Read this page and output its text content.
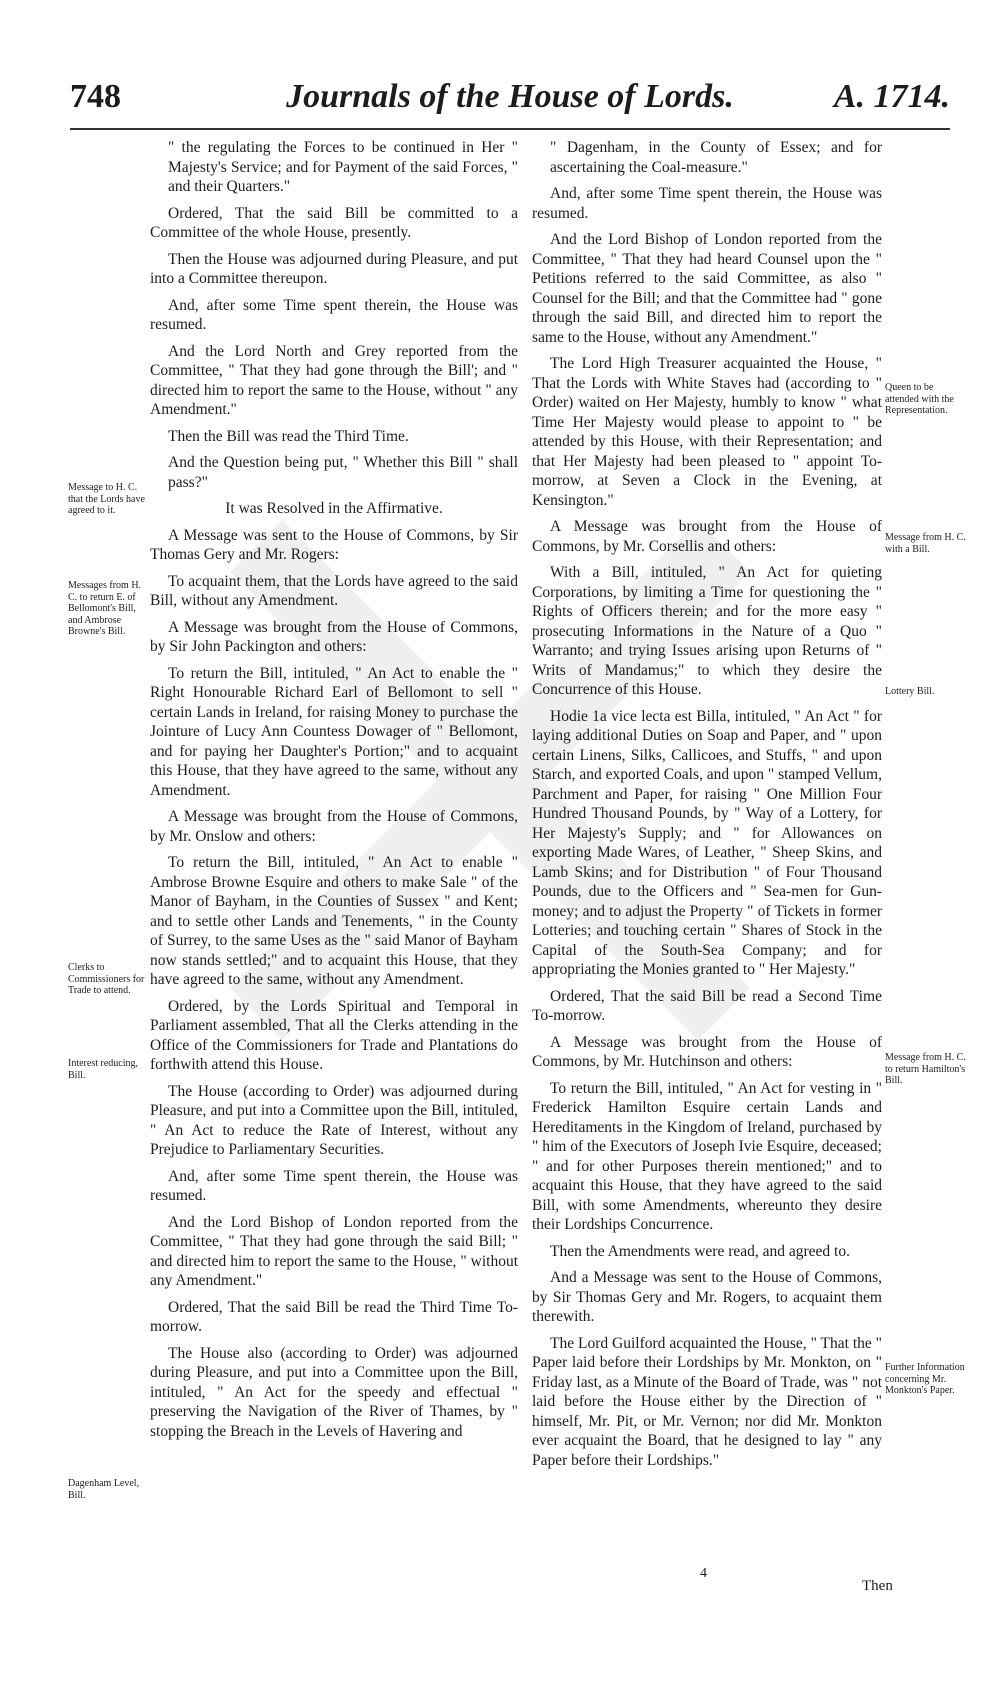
748	Journals of the House of Lords.	A. 1714.
Message to H. C. that the Lords have agreed to it.
Messages from H. C. to return E. of Bellomont's Bill, and Ambrose Browne's Bill.
Clerks to Commissioners for Trade to attend.
Interest reducing, Bill.
Dagenham Level, Bill.
Queen to be attended with the Representation.
Message from H. C. with a Bill.
Lottery Bill.
Message from H. C. to return Hamilton's Bill.
Further Information concerning Mr. Monkton's Paper.

" the regulating the Forces to be continued in Her " Majesty's Service; and for Payment of the said Forces, " and their Quarters."

Ordered, That the said Bill be committed to a Committee of the whole House, presently.

Then the House was adjourned during Pleasure, and put into a Committee thereupon.

And, after some Time spent therein, the House was resumed.

And the Lord North and Grey reported from the Committee, " That they had gone through the Bill'; and " directed him to report the same to the House, without " any Amendment."

Then the Bill was read the Third Time.

And the Question being put, " Whether this Bill " shall pass?"

It was Resolved in the Affirmative.

A Message was sent to the House of Commons, by Sir Thomas Gery and Mr. Rogers:

To acquaint them, that the Lords have agreed to the said Bill, without any Amendment.

A Message was brought from the House of Commons, by Sir John Packington and others:

To return the Bill, intituled, " An Act to enable the " Right Honourable Richard Earl of Bellomont to sell " certain Lands in Ireland, for raising Money to purchase the Jointure of Lucy Ann Countess Dowager of " Bellomont, and for paying her Daughter's Portion;" and to acquaint this House, that they have agreed to the same, without any Amendment.

A Message was brought from the House of Commons, by Mr. Onslow and others:

To return the Bill, intituled, " An Act to enable " Ambrose Browne Esquire and others to make Sale " of the Manor of Bayham, in the Counties of Sussex " and Kent; and to settle other Lands and Tenements, " in the County of Surrey, to the same Uses as the " said Manor of Bayham now stands settled;" and to acquaint this House, that they have agreed to the same, without any Amendment.

Ordered, by the Lords Spiritual and Temporal in Parliament assembled, That all the Clerks attending in the Office of the Commissioners for Trade and Plantations do forthwith attend this House.

The House (according to Order) was adjourned during Pleasure, and put into a Committee upon the Bill, intituled, " An Act to reduce the Rate of Interest, without any Prejudice to Parliamentary Securities.

And, after some Time spent therein, the House was resumed.

And the Lord Bishop of London reported from the Committee, " That they had gone through the said Bill; " and directed him to report the same to the House, " without any Amendment."

Ordered, That the said Bill be read the Third Time To-morrow.

The House also (according to Order) was adjourned during Pleasure, and put into a Committee upon the Bill, intituled, " An Act for the speedy and effectual " preserving the Navigation of the River of Thames, by " stopping the Breach in the Levels of Havering and

" Dagenham, in the County of Essex; and for ascertaining the Coal-measure."

And, after some Time spent therein, the House was resumed.

And the Lord Bishop of London reported from the Committee, " That they had heard Counsel upon the " Petitions referred to the said Committee, as also " Counsel for the Bill; and that the Committee had " gone through the said Bill, and directed him to report the same to the House, without any Amendment."

The Lord High Treasurer acquainted the House, " That the Lords with White Staves had (according to " Order) waited on Her Majesty, humbly to know " what Time Her Majesty would please to appoint to " be attended by this House, with their Representation; and that Her Majesty had been pleased to " appoint To-morrow, at Seven a Clock in the Evening, at Kensington."

A Message was brought from the House of Commons, by Mr. Corsellis and others:

With a Bill, intituled, " An Act for quieting Corporations, by limiting a Time for questioning the " Rights of Officers therein; and for the more easy " prosecuting Informations in the Nature of a Quo " Warranto; and trying Issues arising upon Returns of " Writs of Mandamus;" to which they desire the Concurrence of this House.

Hodie 1a vice lecta est Billa, intituled, " An Act " for laying additional Duties on Soap and Paper, and " upon certain Linens, Silks, Callicoes, and Stuffs, " and upon Starch, and exported Coals, and upon " stamped Vellum, Parchment and Paper, for raising " One Million Four Hundred Thousand Pounds, by " Way of a Lottery, for Her Majesty's Supply; and " for Allowances on exporting Made Wares, of Leather, " Sheep Skins, and Lamb Skins; and for Distribution " of Four Thousand Pounds, due to the Officers and " Sea-men for Gun-money; and to adjust the Property " of Tickets in former Lotteries; and touching certain " Shares of Stock in the Capital of the South-Sea Company; and for appropriating the Monies granted to " Her Majesty."

Ordered, That the said Bill be read a Second Time To-morrow.

A Message was brought from the House of Commons, by Mr. Hutchinson and others:

To return the Bill, intituled, " An Act for vesting in " Frederick Hamilton Esquire certain Lands and Hereditaments in the Kingdom of Ireland, purchased by " him of the Executors of Joseph Ivie Esquire, deceased; " and for other Purposes therein mentioned;" and to acquaint this House, that they have agreed to the said Bill, with some Amendments, whereunto they desire their Lordships Concurrence.

Then the Amendments were read, and agreed to.

And a Message was sent to the House of Commons, by Sir Thomas Gery and Mr. Rogers, to acquaint them therewith.

The Lord Guilford acquainted the House, " That the " Paper laid before their Lordships by Mr. Monkton, on " Friday last, as a Minute of the Board of Trade, was " not laid before the House either by the Direction of " himself, Mr. Pit, or Mr. Vernon; nor did Mr. Monkton ever acquaint the Board, that he designed to lay " any Paper before their Lordships."

4
Then
